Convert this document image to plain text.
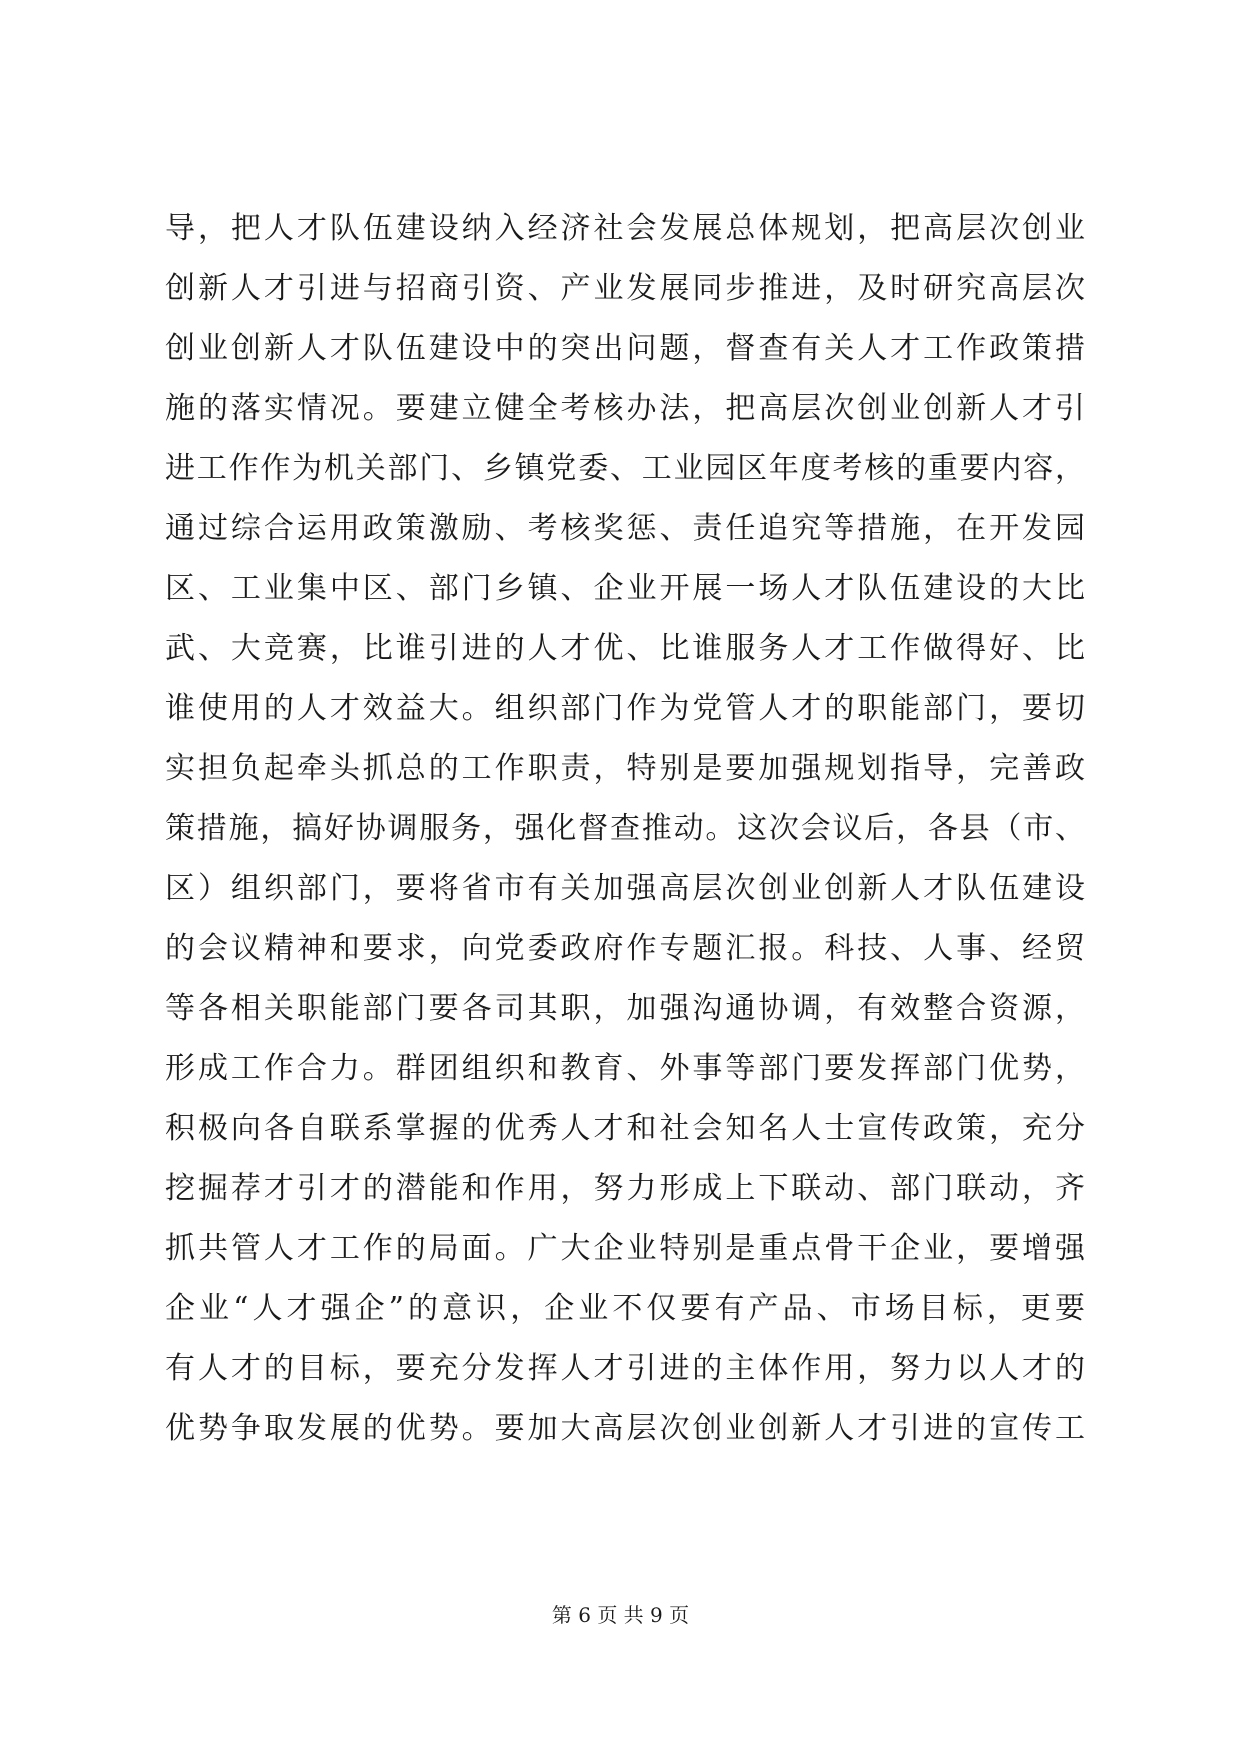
导，把人才队伍建设纳入经济社会发展总体规划，把高层次创业
创新人才引进与招商引资、产业发展同步推进，及时研究高层次
创业创新人才队伍建设中的突出问题，督查有关人才工作政策措
施的落实情况。要建立健全考核办法，把高层次创业创新人才引
进工作作为机关部门、乡镇党委、工业园区年度考核的重要内容，
通过综合运用政策激励、考核奖惩、责任追究等措施，在开发园
区、工业集中区、部门乡镇、企业开展一场人才队伍建设的大比
武、大竞赛，比谁引进的人才优、比谁服务人才工作做得好、比
谁使用的人才效益大。组织部门作为党管人才的职能部门，要切
实担负起牵头抓总的工作职责，特别是要加强规划指导，完善政
策措施，搞好协调服务，强化督查推动。这次会议后，各县（市、
区）组织部门，要将省市有关加强高层次创业创新人才队伍建设
的会议精神和要求，向党委政府作专题汇报。科技、人事、经贸
等各相关职能部门要各司其职，加强沟通协调，有效整合资源，
形成工作合力。群团组织和教育、外事等部门要发挥部门优势，
积极向各自联系掌握的优秀人才和社会知名人士宣传政策，充分
挖掘荐才引才的潜能和作用，努力形成上下联动、部门联动，齐
抓共管人才工作的局面。广大企业特别是重点骨干企业，要增强
企业“人才强企”的意识，企业不仅要有产品、市场目标，更要
有人才的目标，要充分发挥人才引进的主体作用，努力以人才的
优势争取发展的优势。要加大高层次创业创新人才引进的宣传工
第 6 页 共 9 页
